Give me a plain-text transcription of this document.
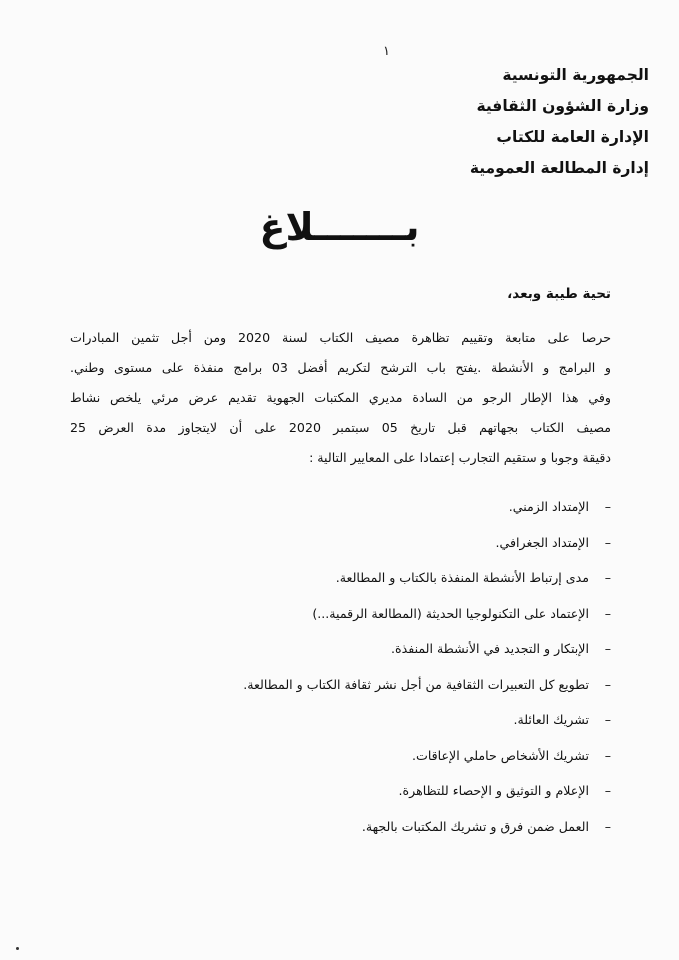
١
الجمهورية التونسية
وزارة الشؤون الثقافية
الإدارة العامة للكتاب
إدارة المطالعة العمومية
بـــــــلاغ
تحية طيبة وبعد،
حرصا على متابعة وتقييم تظاهرة مصيف الكتاب لسنة 2020 ومن أجل تثمين المبادرات
و البرامج و الأنشطة .يفتح باب الترشح لتكريم أفضل 03 برامج منفذة على مستوى وطني.
وفي هذا الإطار الرجو من السادة مديري المكتبات الجهوية تقديم عرض مرئي يلخص نشاط
مصيف الكتاب بجهاتهم قبل تاريخ 05 سبتمبر 2020 على أن لايتجاوز مدة العرض 25
دقيقة وجوبا و ستقيم التجارب إعتمادا على المعايير التالية :
–الإمتداد الزمني.
–الإمتداد الجغرافي.
–مدى إرتباط الأنشطة المنفذة بالكتاب و المطالعة.
–الإعتماد على التكنولوجيا الحديثة (المطالعة الرقمية...)
–الإبتكار و التجديد في الأنشطة المنفذة.
–تطويع كل التعبيرات الثقافية من أجل نشر ثقافة الكتاب و المطالعة.
–تشريك العائلة.
–تشريك الأشخاص حاملي الإعاقات.
–الإعلام و التوثيق و الإحصاء للتظاهرة.
–العمل ضمن فرق و تشريك المكتبات بالجهة.
